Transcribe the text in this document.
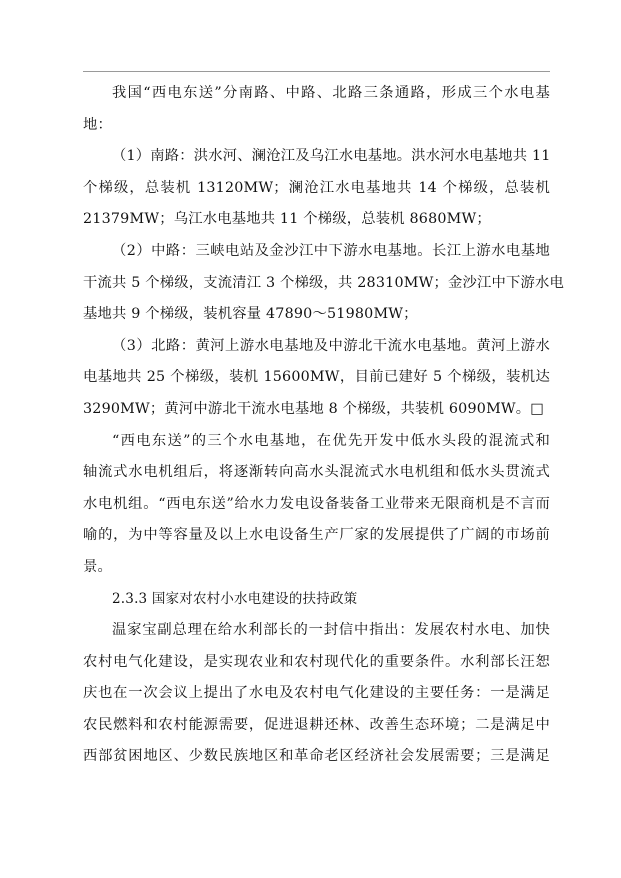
我国“西电东送”分南路、中路、北路三条通路，形成三个水电基
地：
（1）南路：洪水河、澜沧江及乌江水电基地。洪水河水电基地共 11
个梯级，总装机 13120MW；澜沧江水电基地共 14 个梯级，总装机
21379MW；乌江水电基地共 11 个梯级，总装机 8680MW；
（2）中路：三峡电站及金沙江中下游水电基地。长江上游水电基地
干流共 5 个梯级，支流清江 3 个梯级，共 28310MW；金沙江中下游水电
基地共 9 个梯级，装机容量 47890～51980MW；
（3）北路：黄河上游水电基地及中游北干流水电基地。黄河上游水
电基地共 25 个梯级，装机 15600MW，目前已建好 5 个梯级，装机达
3290MW；黄河中游北干流水电基地 8 个梯级，共装机 6090MW。□
“西电东送”的三个水电基地，在优先开发中低水头段的混流式和
轴流式水电机组后，将逐渐转向高水头混流式水电机组和低水头贯流式
水电机组。“西电东送”给水力发电设备装备工业带来无限商机是不言而
喻的，为中等容量及以上水电设备生产厂家的发展提供了广阔的市场前
景。
2.3.3 国家对农村小水电建设的扶持政策
温家宝副总理在给水利部长的一封信中指出：发展农村水电、加快
农村电气化建设，是实现农业和农村现代化的重要条件。水利部长汪恕
庆也在一次会议上提出了水电及农村电气化建设的主要任务：一是满足
农民燃料和农村能源需要，促进退耕还林、改善生态环境；二是满足中
西部贫困地区、少数民族地区和革命老区经济社会发展需要；三是满足
